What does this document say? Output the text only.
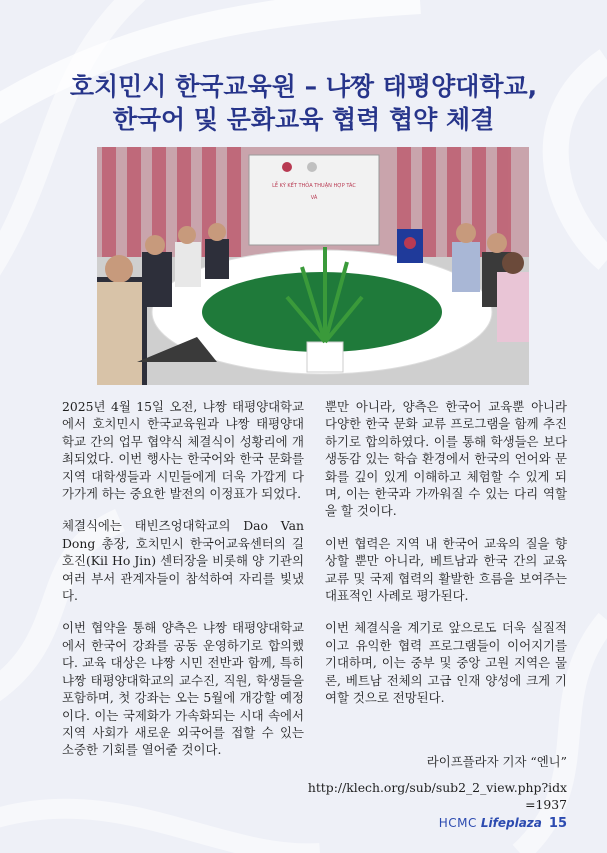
호치민시 한국교육원 – 냐짱 태평양대학교,
한국어 및 문화교육 협력 협약 체결
LỄ KÝ KẾT THỎA THUẬN HỢP TÁC
VÀ

2025년 4월 15일 오전, 냐짱 태평양대학교에서 호치민시 한국교육원과 냐짱 태평양대학교 간의 업무 협약식 체결식이 성황리에 개최되었다. 이번 행사는 한국어와 한국 문화를 지역 대학생들과 시민들에게 더욱 가깝게 다가가게 하는 중요한 발전의 이정표가 되었다.

체결식에는 태빈즈엉대학교의 Dao Van Dong 총장, 호치민시 한국어교육센터의 길호진(Kil Ho Jin) 센터장을 비롯해 양 기관의 여러 부서 관계자들이 참석하여 자리를 빛냈다.

이번 협약을 통해 양측은 냐짱 태평양대학교에서 한국어 강좌를 공동 운영하기로 합의했다. 교육 대상은 냐짱 시민 전반과 함께, 특히 냐짱 태평양대학교의 교수진, 직원, 학생들을 포함하며, 첫 강좌는 오는 5월에 개강할 예정이다. 이는 국제화가 가속화되는 시대 속에서 지역 사회가 새로운 외국어를 접할 수 있는 소중한 기회를 열어줄 것이다.

뿐만 아니라, 양측은 한국어 교육뿐 아니라 다양한 한국 문화 교류 프로그램을 함께 추진하기로 합의하였다. 이를 통해 학생들은 보다 생동감 있는 학습 환경에서 한국의 언어와 문화를 깊이 있게 이해하고 체험할 수 있게 되며, 이는 한국과 가까워질 수 있는 다리 역할을 할 것이다.

이번 협력은 지역 내 한국어 교육의 질을 향상할 뿐만 아니라, 베트남과 한국 간의 교육 교류 및 국제 협력의 활발한 흐름을 보여주는 대표적인 사례로 평가된다.

이번 체결식을 계기로 앞으로도 더욱 실질적이고 유익한 협력 프로그램들이 이어지기를 기대하며, 이는 중부 및 중앙 고원 지역은 물론, 베트남 전체의 고급 인재 양성에 크게 기여할 것으로 전망된다.

라이프플라자 기자 “엔니”
http://klech.org/sub/sub2_2_view.php?idx=1937
HCMC Lifeplaza 15
